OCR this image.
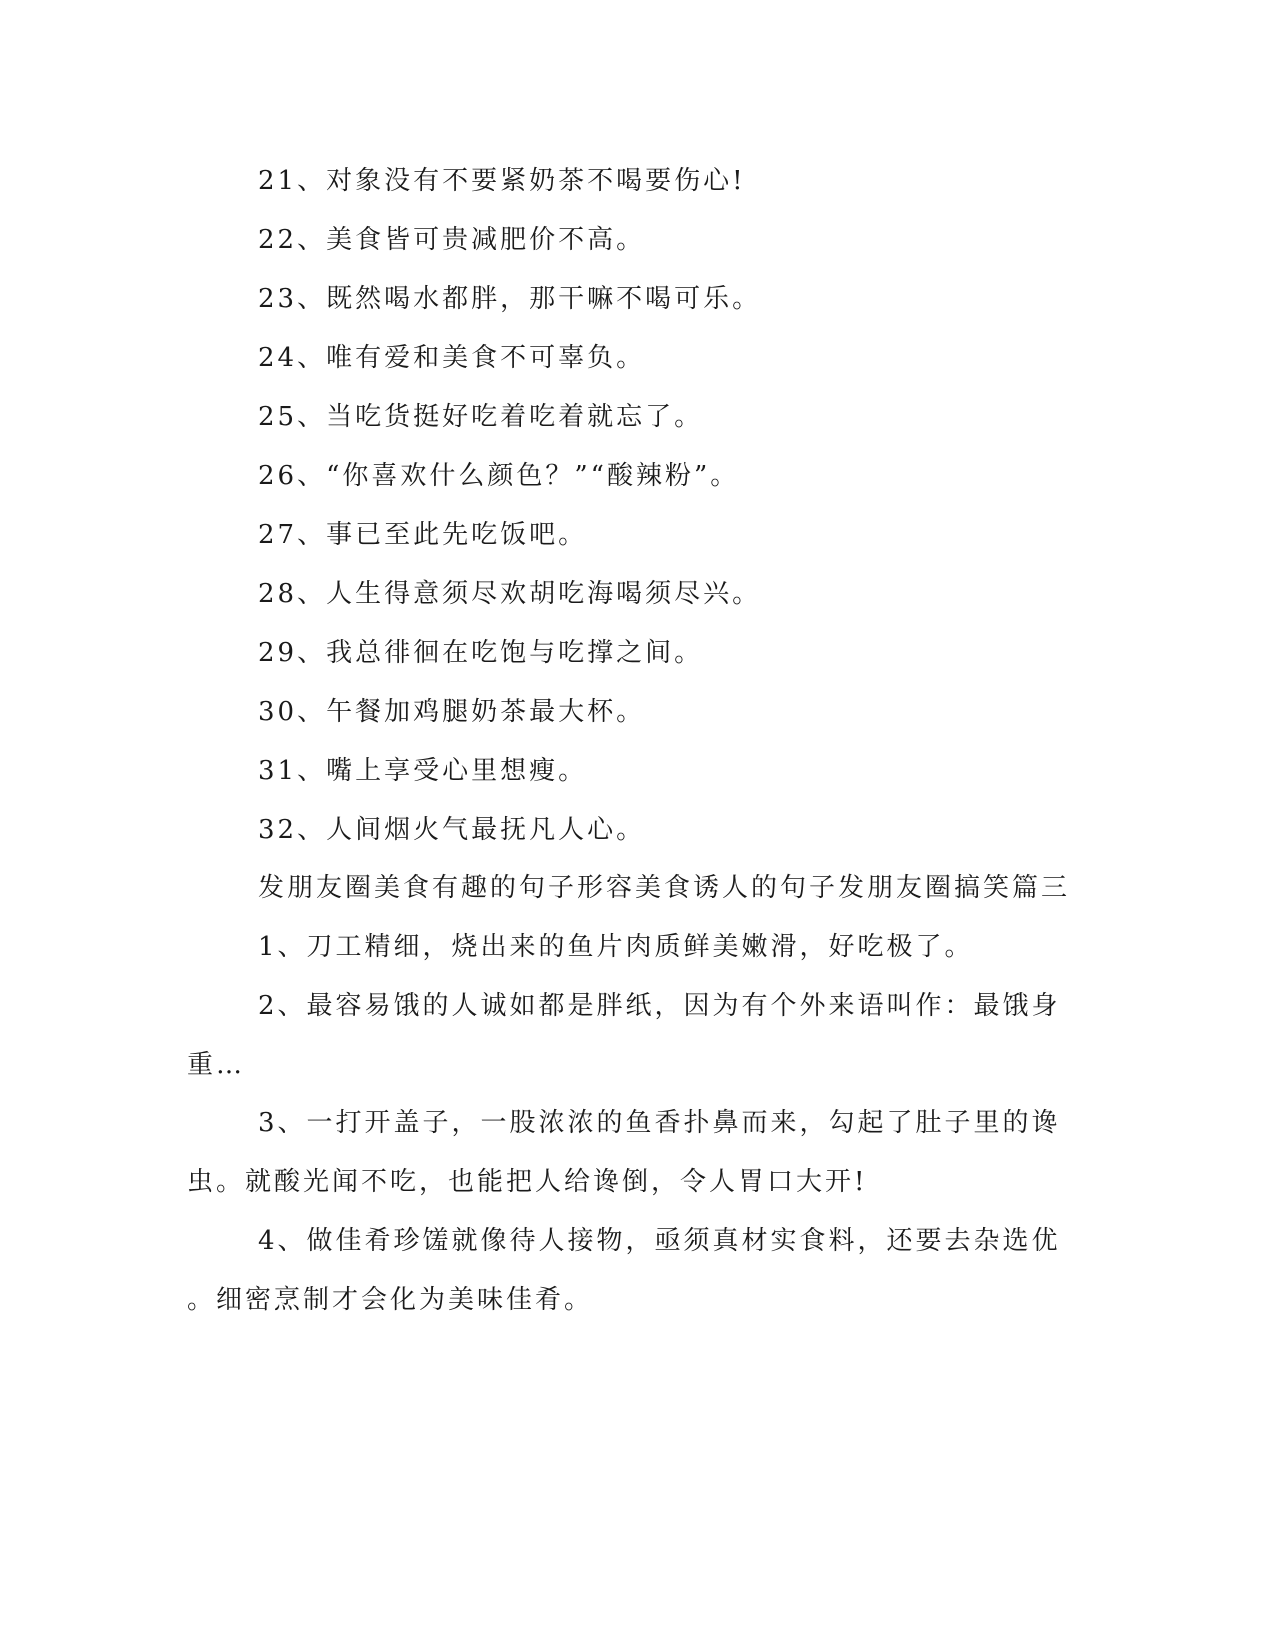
21、对象没有不要紧奶茶不喝要伤心!
22、美食皆可贵减肥价不高。
23、既然喝水都胖，那干嘛不喝可乐。
24、唯有爱和美食不可辜负。
25、当吃货挺好吃着吃着就忘了。
26、“你喜欢什么颜色？”“酸辣粉”。
27、事已至此先吃饭吧。
28、人生得意须尽欢胡吃海喝须尽兴。
29、我总徘徊在吃饱与吃撑之间。
30、午餐加鸡腿奶茶最大杯。
31、嘴上享受心里想瘦。
32、人间烟火气最抚凡人心。
发朋友圈美食有趣的句子形容美食诱人的句子发朋友圈搞笑篇三
1、刀工精细，烧出来的鱼片肉质鲜美嫩滑，好吃极了。
2、最容易饿的人诚如都是胖纸，因为有个外来语叫作：最饿身
重…
3、一打开盖子，一股浓浓的鱼香扑鼻而来，勾起了肚子里的谗
虫。就酸光闻不吃，也能把人给谗倒，令人胃口大开!
4、做佳肴珍馐就像待人接物，亟须真材实食料，还要去杂选优
。细密烹制才会化为美味佳肴。
